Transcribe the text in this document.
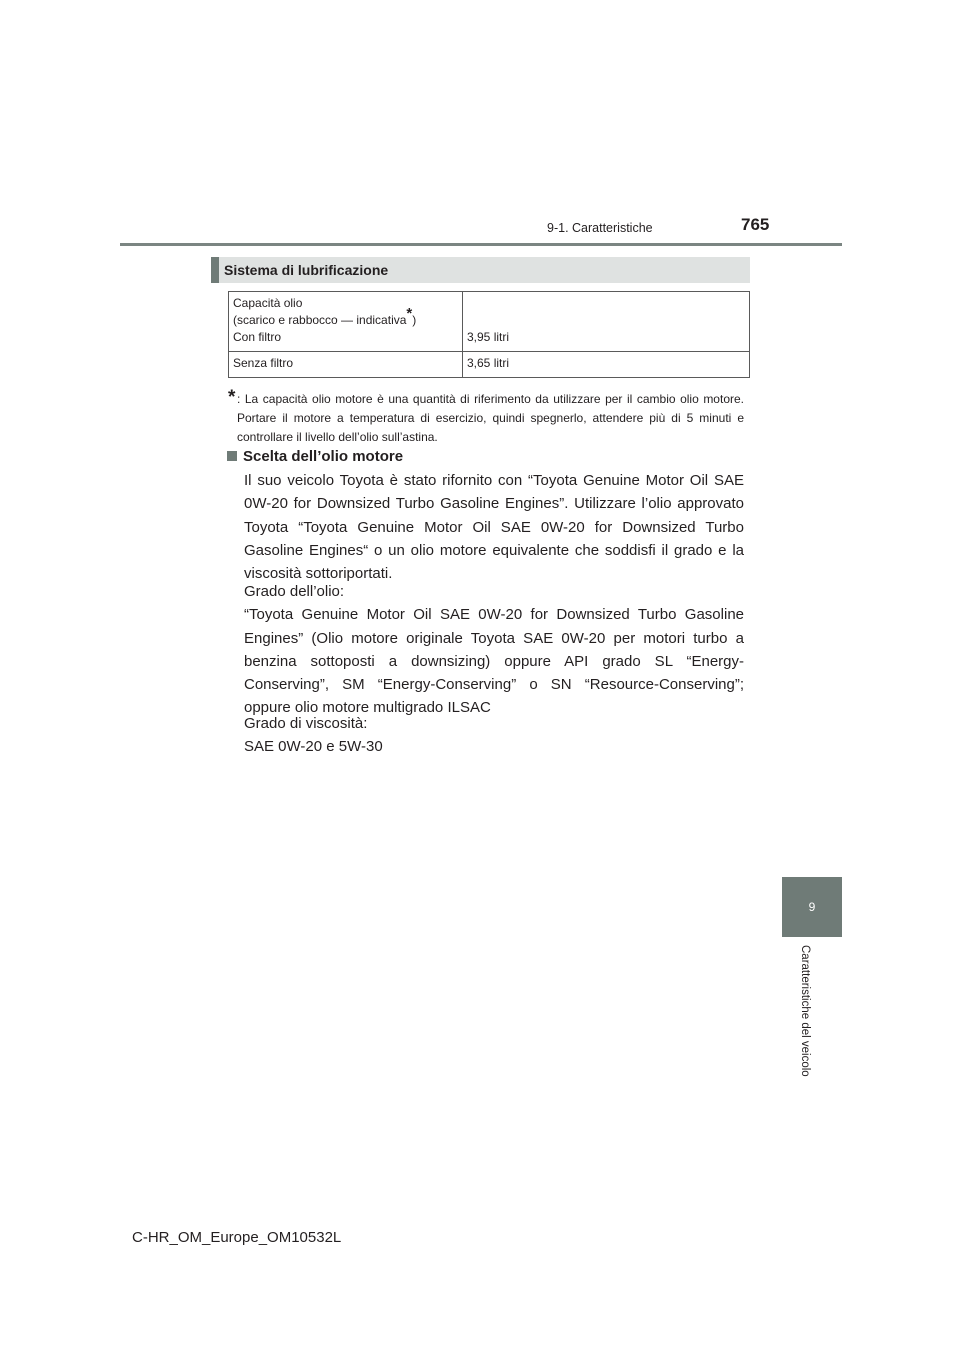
9-1. Caratteristiche	765
9
Caratteristiche del veicolo
Sistema di lubrificazione
Capacità olio
(scarico e rabbocco — indicativa*)
Con filtro	3,95 litri
Senza filtro	3,65 litri
* : La capacità olio motore è una quantità di riferimento da utilizzare per il cambio olio motore. Portare il motore a temperatura di esercizio, quindi spegnerlo, attendere più di 5 minuti e controllare il livello dell’olio sull’astina.
Scelta dell’olio motore
Il suo veicolo Toyota è stato rifornito con “Toyota Genuine Motor Oil SAE 0W-20 for Downsized Turbo Gasoline Engines”. Utilizzare l’olio approvato Toyota “Toyota Genuine Motor Oil SAE 0W-20 for Downsized Turbo Gasoline Engines“ o un olio motore equivalente che soddisfi il grado e la viscosità sottoriportati.
Grado dell’olio:
“Toyota Genuine Motor Oil SAE 0W-20 for Downsized Turbo Gasoline Engines” (Olio motore originale Toyota SAE 0W-20 per motori turbo a benzina sottoposti a downsizing) oppure API grado SL “Energy-Conserving”, SM “Energy-Conserving” o SN “Resource-Conserving”; oppure olio motore multigrado ILSAC
Grado di viscosità:
SAE 0W-20 e 5W-30
C-HR_OM_Europe_OM10532L
